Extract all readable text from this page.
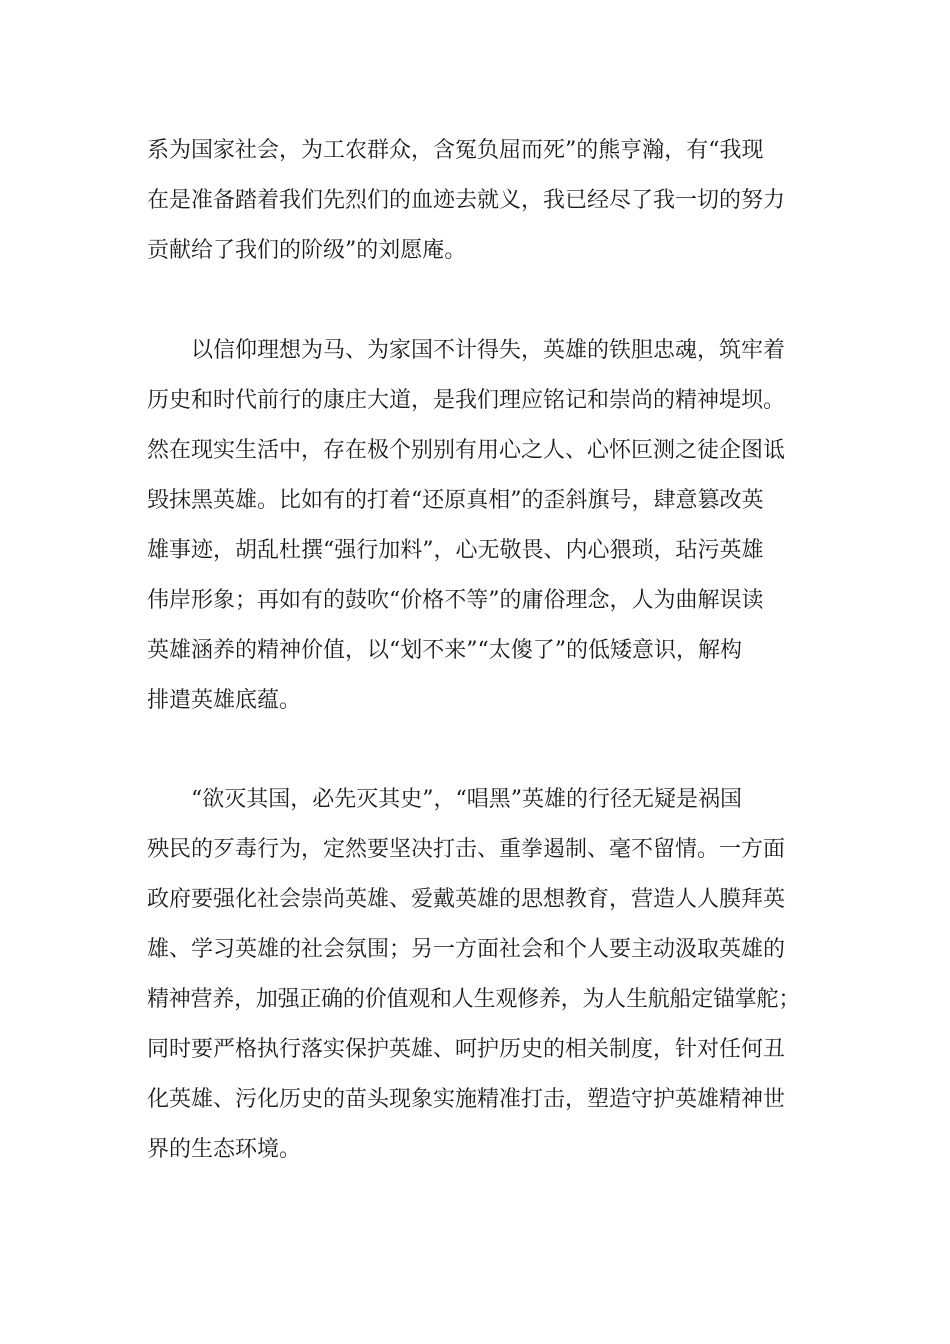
系为国家社会，为工农群众，含冤负屈而死”的熊亨瀚，有“我现

在是准备踏着我们先烈们的血迹去就义，我已经尽了我一切的努力

贡献给了我们的阶级”的刘愿庵。

以信仰理想为马、为家国不计得失，英雄的铁胆忠魂，筑牢着

历史和时代前行的康庄大道，是我们理应铭记和崇尚的精神堤坝。

然在现实生活中，存在极个别别有用心之人、心怀叵测之徒企图诋

毁抹黑英雄。比如有的打着“还原真相”的歪斜旗号，肆意篡改英

雄事迹，胡乱杜撰“强行加料”，心无敬畏、内心猥琐，玷污英雄

伟岸形象；再如有的鼓吹“价格不等”的庸俗理念，人为曲解误读

英雄涵养的精神价值，以“划不来”“太傻了”的低矮意识，解构

排遣英雄底蕴。

“欲灭其国，必先灭其史”，“唱黑”英雄的行径无疑是祸国

殃民的歹毒行为，定然要坚决打击、重拳遏制、毫不留情。一方面

政府要强化社会崇尚英雄、爱戴英雄的思想教育，营造人人膜拜英

雄、学习英雄的社会氛围；另一方面社会和个人要主动汲取英雄的

精神营养，加强正确的价值观和人生观修养，为人生航船定锚掌舵；

同时要严格执行落实保护英雄、呵护历史的相关制度，针对任何丑

化英雄、污化历史的苗头现象实施精准打击，塑造守护英雄精神世

界的生态环境。
